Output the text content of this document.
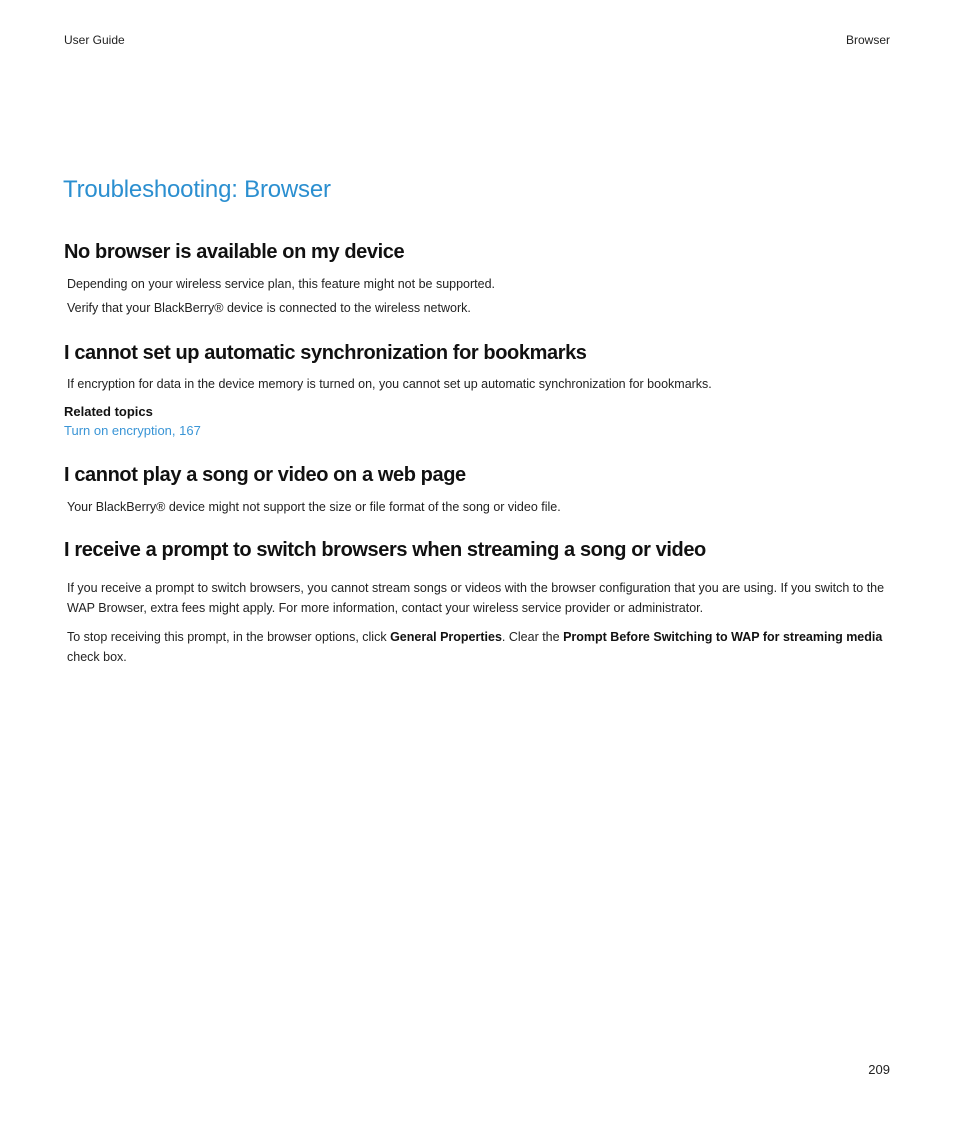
User Guide	Browser
Troubleshooting: Browser
No browser is available on my device

Depending on your wireless service plan, this feature might not be supported.

Verify that your BlackBerry® device is connected to the wireless network.

I cannot set up automatic synchronization for bookmarks

If encryption for data in the device memory is turned on, you cannot set up automatic synchronization for bookmarks.

Related topics

Turn on encryption, 167
I cannot play a song or video on a web page

Your BlackBerry® device might not support the size or file format of the song or video file.

I receive a prompt to switch browsers when streaming a song or video

If you receive a prompt to switch browsers, you cannot stream songs or videos with the browser configuration that you are using. If you switch to the WAP Browser, extra fees might apply. For more information, contact your wireless service provider or administrator.

To stop receiving this prompt, in the browser options, click General Properties. Clear the Prompt Before Switching to WAP for streaming media check box.

209
